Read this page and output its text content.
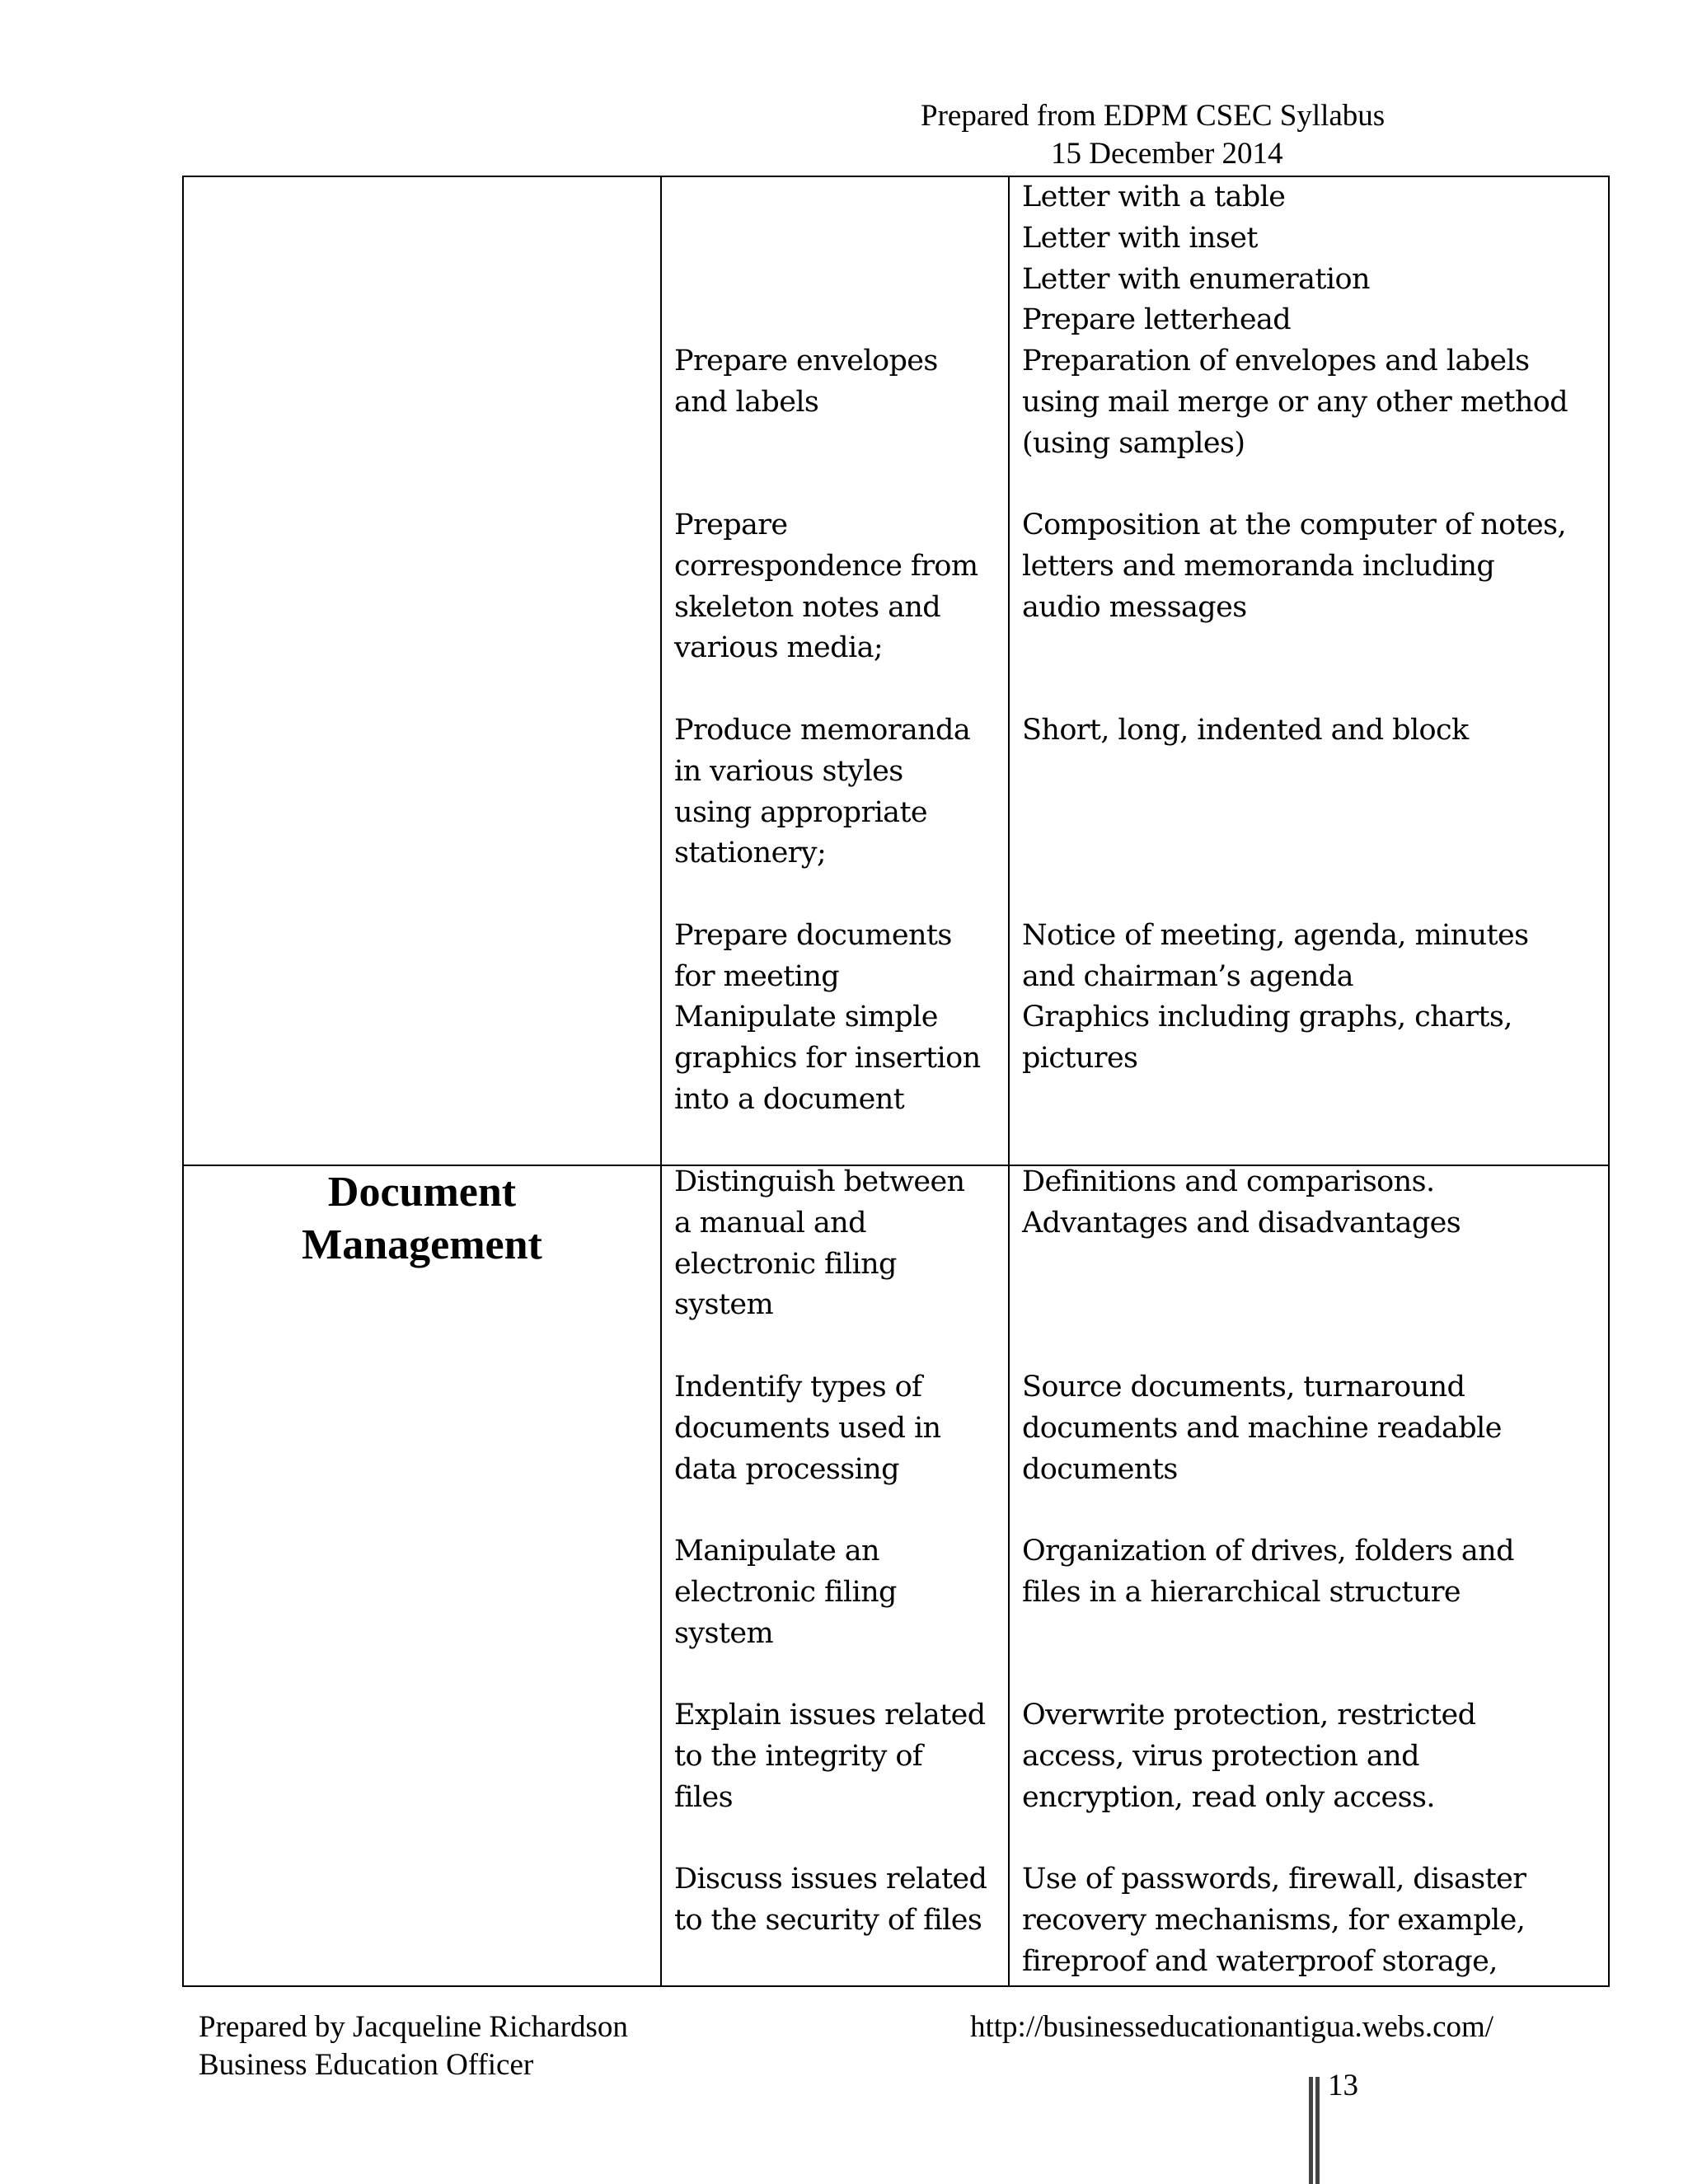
Prepared from EDPM CSEC Syllabus
15 December 2014
Letter with a table
Letter with inset
Letter with enumeration
Prepare letterhead
Prepare envelopes
and labels
Preparation of envelopes and labels
using mail merge or any other method
(using samples)
Prepare
correspondence from
skeleton notes and
various media;
Composition at the computer of notes,
letters and memoranda including
audio messages
Produce memoranda
in various styles
using appropriate
stationery;
Short, long, indented and block
Prepare documents
for meeting
Notice of meeting, agenda, minutes
and chairman’s agenda
Manipulate simple
graphics for insertion
into a document
Graphics including graphs, charts,
pictures
Document
Management
Distinguish between
a manual and
electronic filing
system
Definitions and comparisons.
Advantages and disadvantages
Indentify types of
documents used in
data processing
Source documents, turnaround
documents and machine readable
documents
Manipulate an
electronic filing
system
Organization of drives, folders and
files in a hierarchical structure
Explain issues related
to the integrity of
files
Overwrite protection, restricted
access, virus protection and
encryption, read only access.
Discuss issues related
to the security of files
Use of passwords, firewall, disaster
recovery mechanisms, for example,
fireproof and waterproof storage,
Prepared by Jacqueline Richardson
Business Education Officer
http://businesseducationantigua.webs.com/
13
